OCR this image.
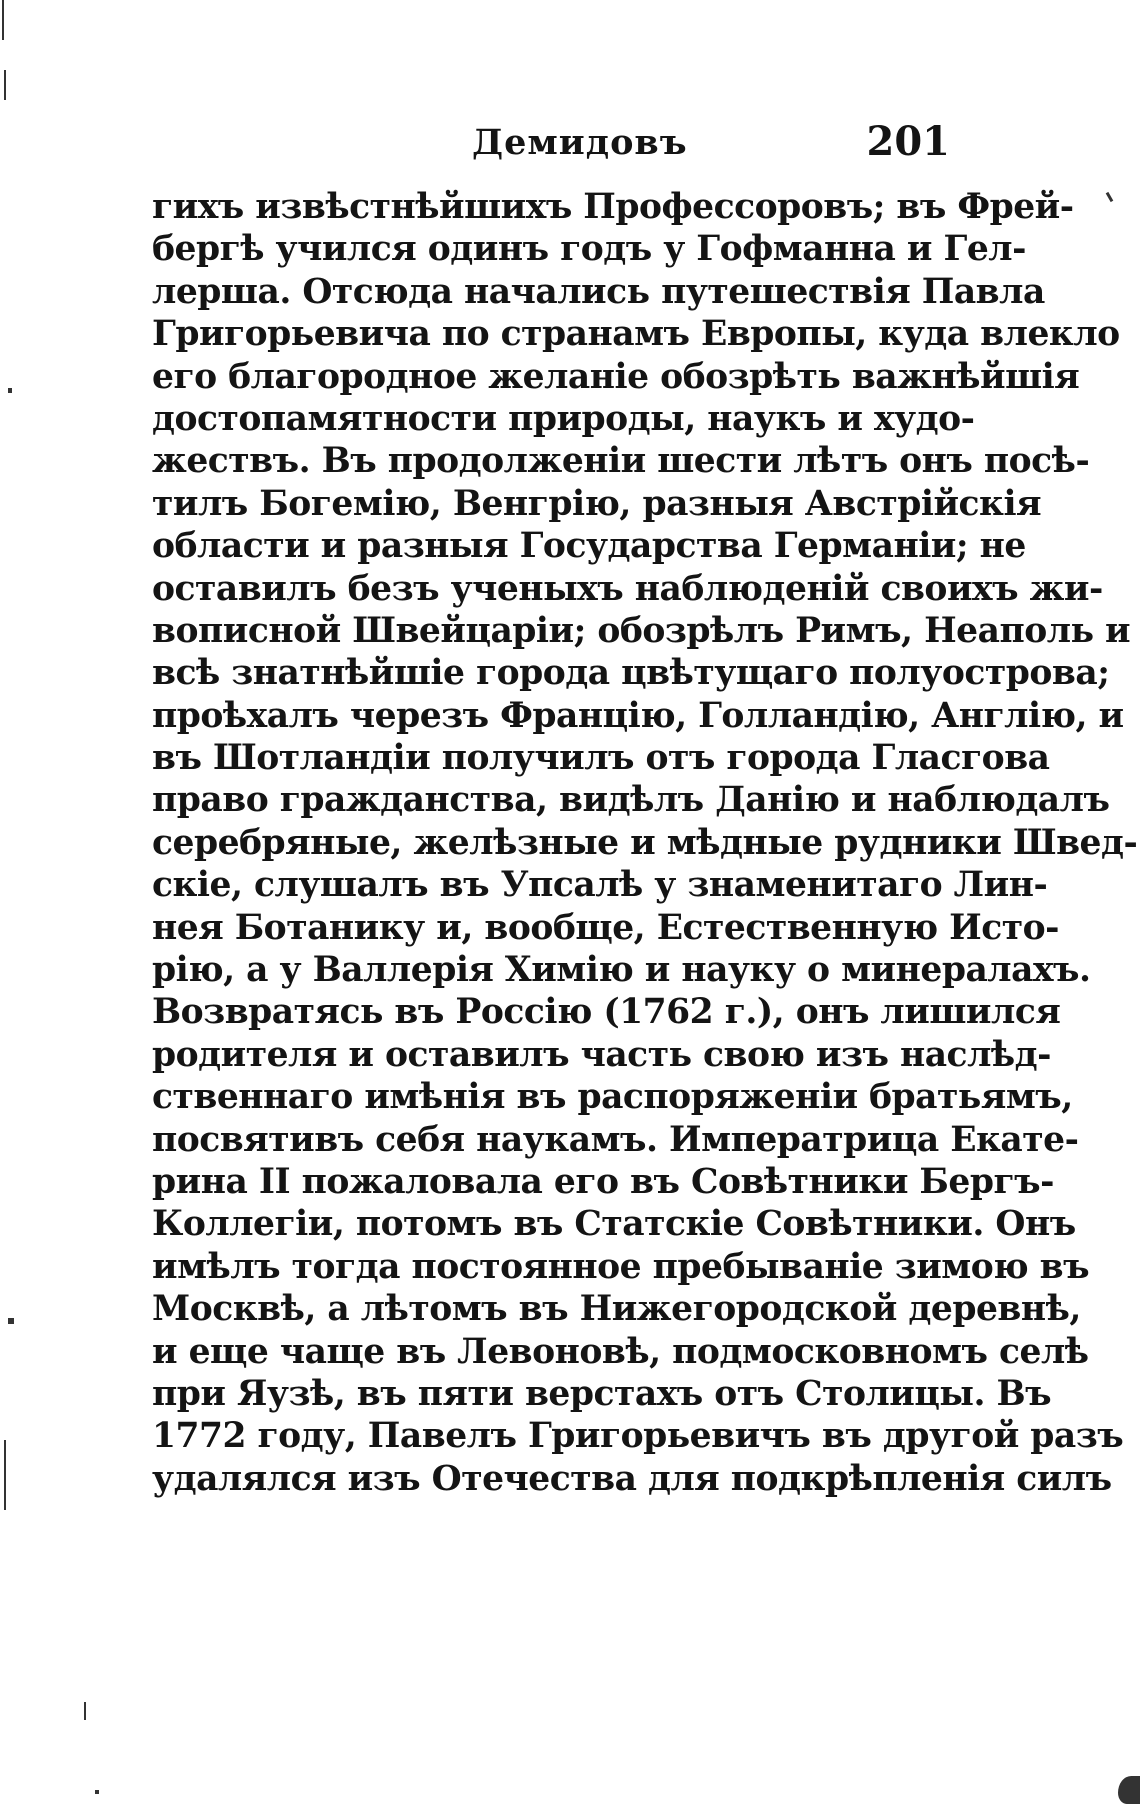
Демидовъ	201
гихъ извѣстнѣйшихъ Профессоровъ; въ Фрей-
бергѣ учился одинъ годъ у Гофманна и Гел-
лерша. Отсюда начались путешествія Павла
Григорьевича по странамъ Европы, куда влекло
его благородное желаніе обозрѣть важнѣйшія
достопамятности природы, наукъ и худо-
жествъ. Въ продолженіи шести лѣтъ онъ посѣ-
тилъ Богемію, Венгрію, разныя Австрійскія
области и разныя Государства Германіи; не
оставилъ безъ ученыхъ наблюденій своихъ жи-
вописной Швейцаріи; обозрѣлъ Римъ, Неаполь и
всѣ знатнѣйшіе города цвѣтущаго полуострова;
проѣхалъ черезъ Францію, Голландію, Англію, и
въ Шотландіи получилъ отъ города Гласгова
право гражданства, видѣлъ Данію и наблюдалъ
серебряные, желѣзные и мѣдные рудники Швед-
скіе, слушалъ въ Упсалѣ у знаменитаго Лин-
нея Ботанику и, вообще, Естественную Исто-
рію, а у Валлерія Химію и науку о минералахъ.
Возвратясь въ Россію (1762 г.), онъ лишился
родителя и оставилъ часть свою изъ наслѣд-
ственнаго имѣнія въ распоряженіи братьямъ,
посвятивъ себя наукамъ. Императрица Екате-
рина II пожаловала его въ Совѣтники Бергъ-
Коллегіи, потомъ въ Статскіе Совѣтники. Онъ
имѣлъ тогда постоянное пребываніе зимою въ
Москвѣ, а лѣтомъ въ Нижегородской деревнѣ,
и еще чаще въ Левоновѣ, подмосковномъ селѣ
при Яузѣ, въ пяти верстахъ отъ Столицы. Въ
1772 году, Павелъ Григорьевичъ въ другой разъ
удалялся изъ Отечества для подкрѣпленія силъ
